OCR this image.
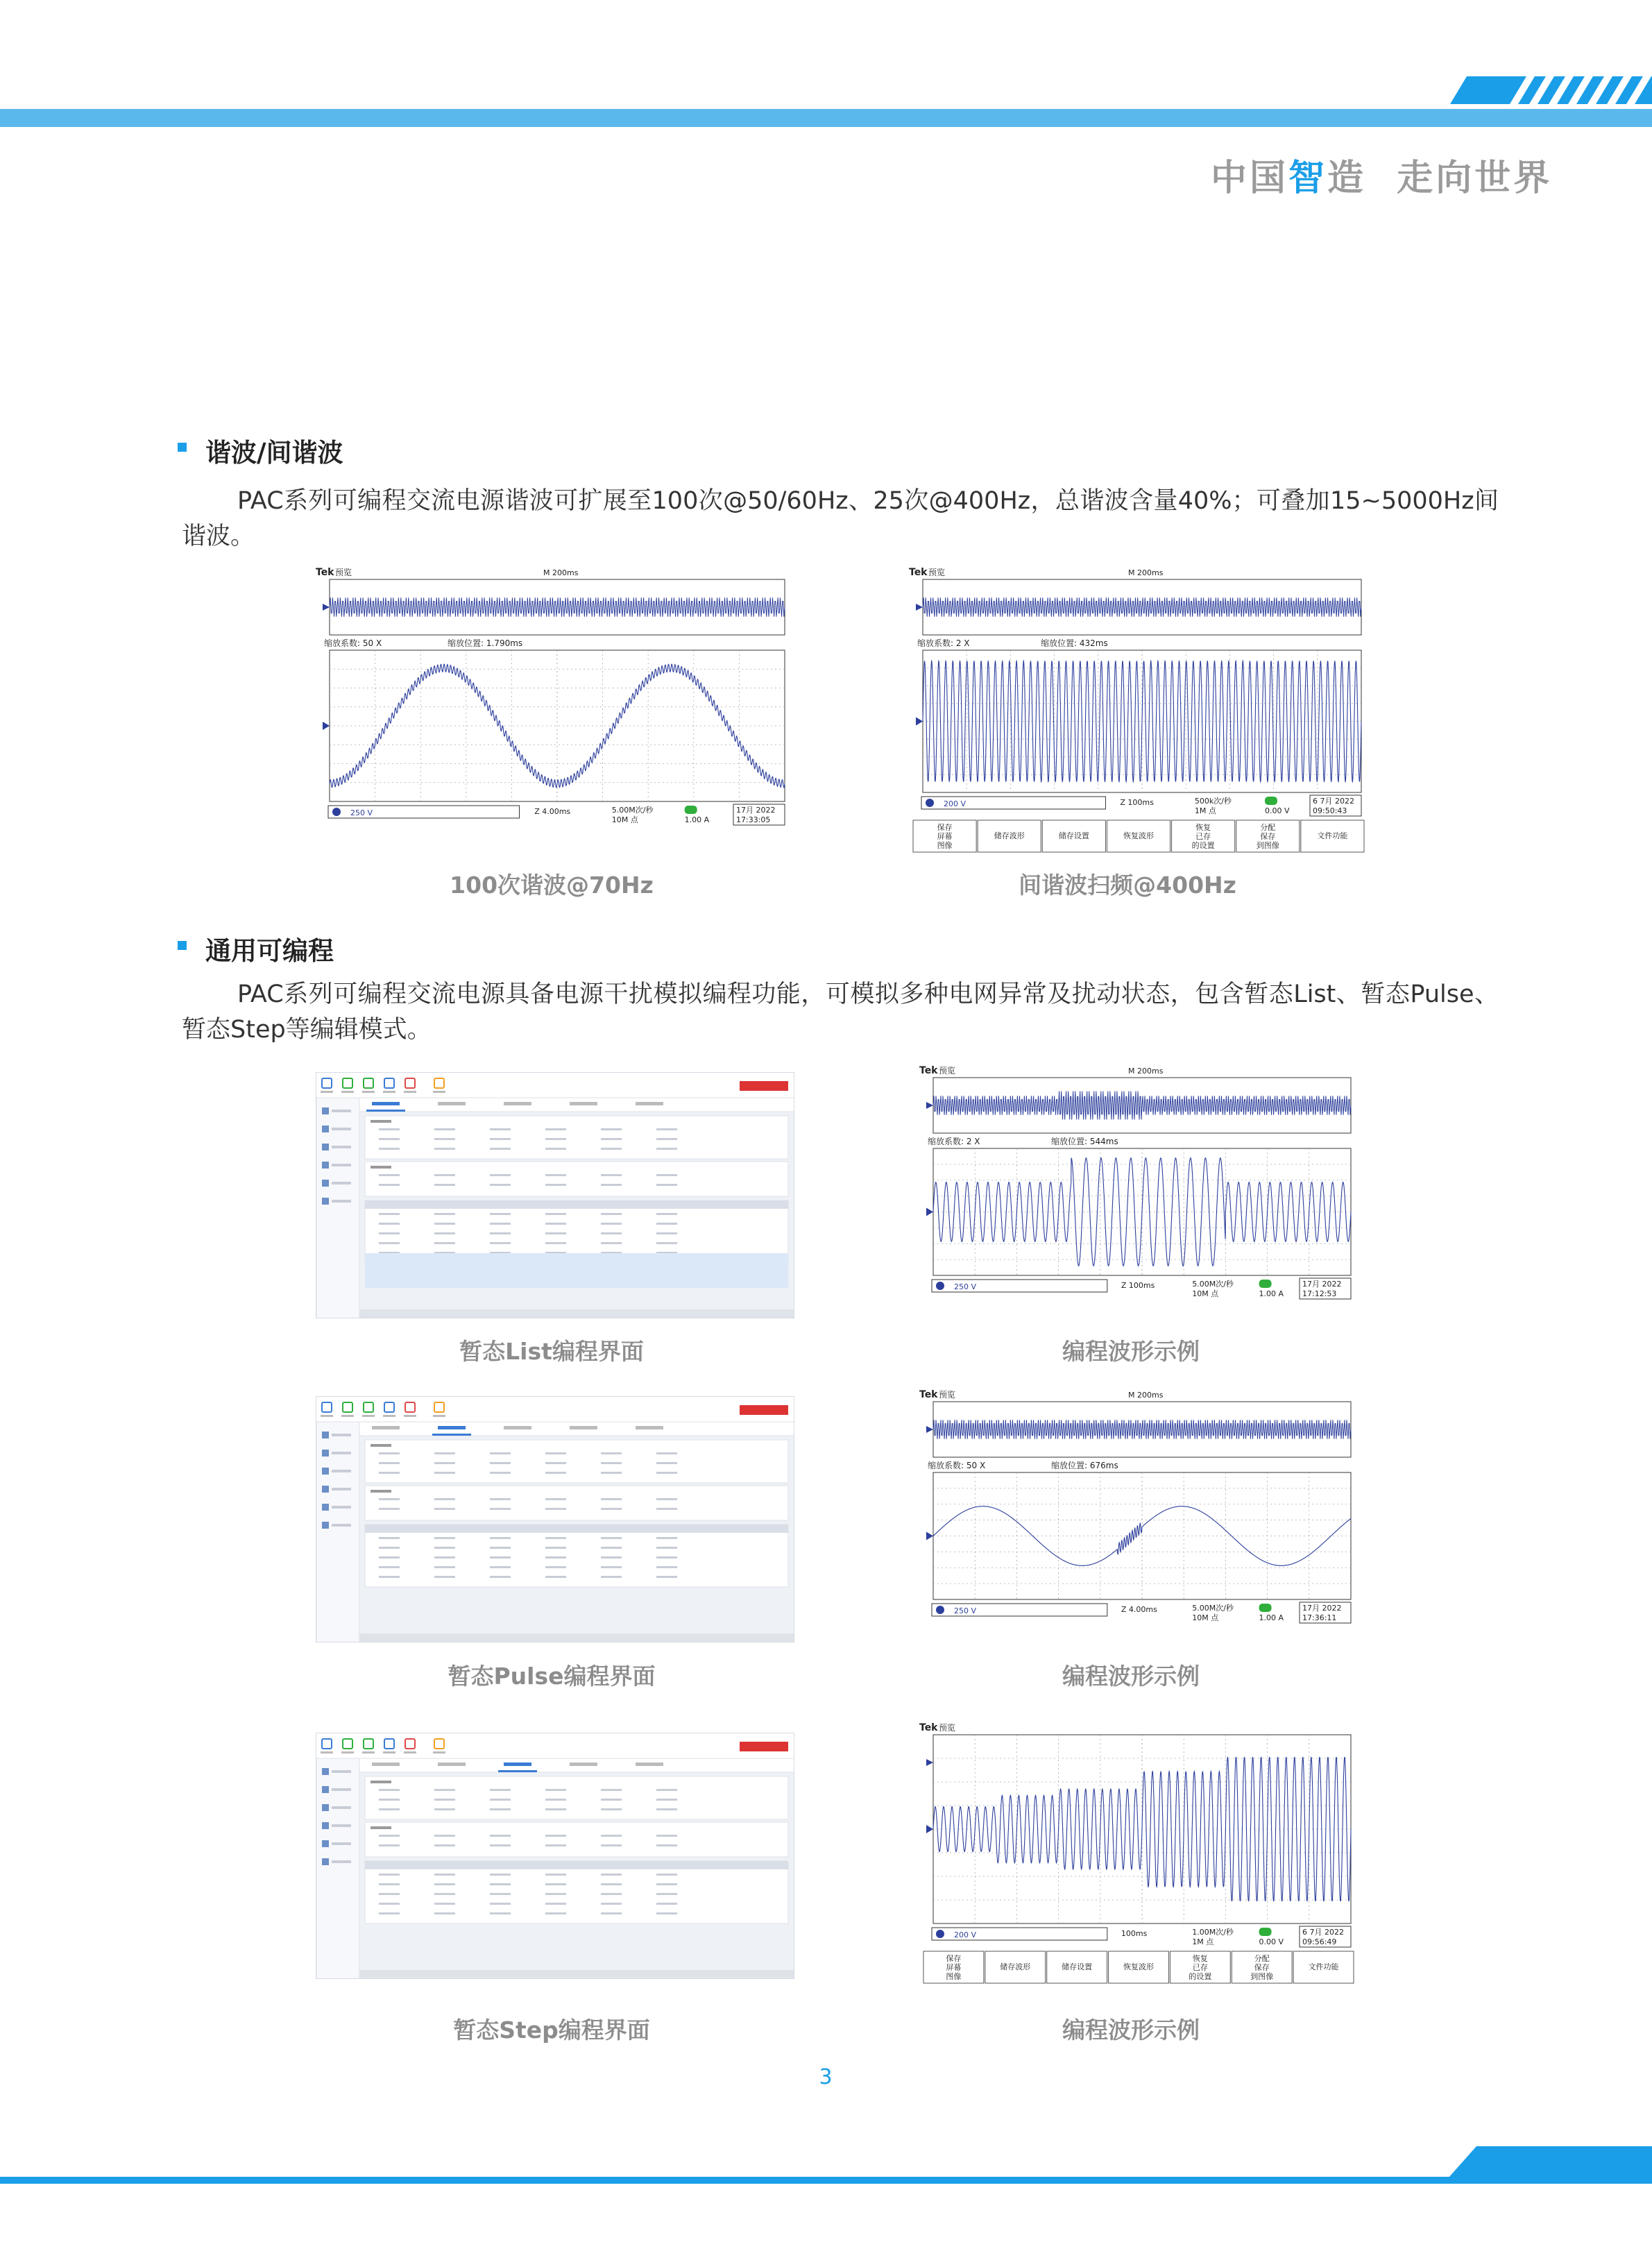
中国智造 走向世界
谐波/间谐波
PAC系列可编程交流电源谐波可扩展至100次@50/60Hz、25次@400Hz，总谐波含量40%；可叠加15~5000Hz间谐波。
Tek 预览	M 200ms
缩放系数: 50 X	缩放位置: 1.790ms
250 V	Z 4.00ms	5.00M次/秒
10M 点	1.00 A
17月 2022
17:33:05
100次谐波@70Hz
Tek 预览	M 200ms
缩放系数: 2 X	缩放位置: 432ms
200 V	Z 100ms	500k次/秒
1M 点	0.00 V
6 7月 2022
09:50:43
保存
屏幕
图像
储存波形	储存设置	恢复波形
恢复
已存
的设置
分配
保存
到图像
文件功能
间谐波扫频@400Hz
通用可编程
PAC系列可编程交流电源具备电源干扰模拟编程功能，可模拟多种电网异常及扰动状态，包含暂态List、暂态Pulse、暂态Step等编辑模式。
暂态List编程界面
Tek 预览	M 200ms
缩放系数: 2 X	缩放位置: 544ms
250 V	Z 100ms	5.00M次/秒
10M 点	1.00 A
17月 2022
17:12:53
编程波形示例
暂态Pulse编程界面
Tek 预览	M 200ms
缩放系数: 50 X	缩放位置: 676ms
250 V	Z 4.00ms	5.00M次/秒
10M 点	1.00 A
17月 2022
17:36:11
编程波形示例
暂态Step编程界面
Tek 预览
200 V	100ms	1.00M次/秒
1M 点	0.00 V
6 7月 2022
09:56:49
保存
屏幕
图像
储存波形	储存设置	恢复波形
恢复
已存
的设置
分配
保存
到图像
文件功能
编程波形示例
3
